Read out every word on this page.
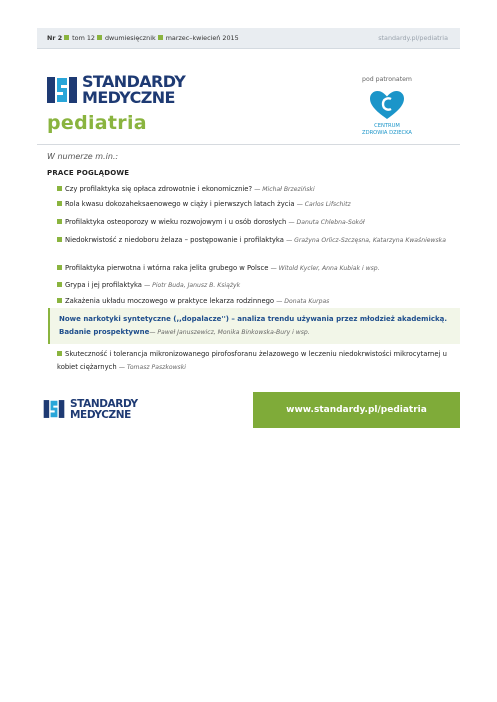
Nr 2 tom 12 dwumiesięcznik marzec–kwiecień 2015	standardy.pl/pediatria
STANDARDY
MEDYCZNE
pediatria
pod patronatem
CENTRUM
ZDROWIA DZIECKA
W numerze m.in.:
PRACE POGLĄDOWE
Czy profilaktyka się opłaca zdrowotnie i ekonomicznie? — Michał Brzeziński
Rola kwasu dokozaheksaenowego w ciąży i pierwszych latach życia — Carlos Lifschitz
Profilaktyka osteoporozy w wieku rozwojowym i u osób dorosłych — Danuta Chlebna-Sokół
Niedokrwistość z niedoboru żelaza – postępowanie i profilaktyka — Grażyna Orlicz-Szczęsna, Katarzyna Kwaśniewska
Profilaktyka pierwotna i wtórna raka jelita grubego w Polsce — Witold Kycler, Anna Kubiak i wsp.
Grypa i jej profilaktyka — Piotr Buda, Janusz B. Książyk
Zakażenia układu moczowego w praktyce lekarza rodzinnego — Donata Kurpas
Nowe narkotyki syntetyczne (,,dopalacze'') – analiza trendu używania przez młodzież akademicką. Badanie prospektywne— Paweł Januszewicz, Monika Binkowska-Bury i wsp.
Skuteczność i tolerancja mikronizowanego pirofosforanu żelazowego w leczeniu niedokrwistości mikrocytarnej u kobiet ciężarnych — Tomasz Paszkowski
STANDARDY
MEDYCZNE	www.standardy.pl/pediatria
